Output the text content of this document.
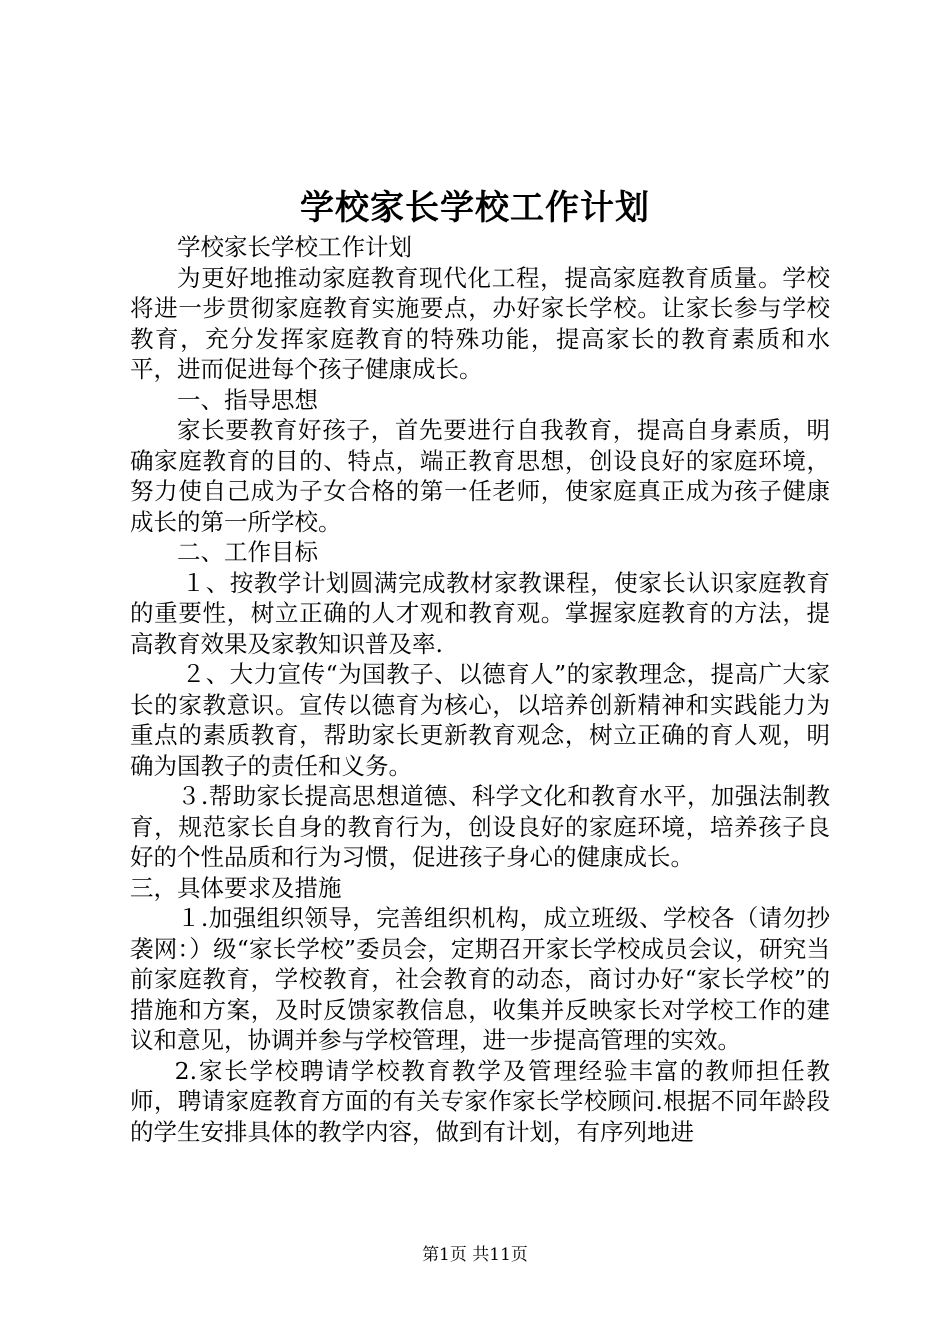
学校家长学校工作计划

学校家长学校工作计划

为更好地推动家庭教育现代化工程，提高家庭教育质量。学校将进一步贯彻家庭教育实施要点，办好家长学校。让家长参与学校教育，充分发挥家庭教育的特殊功能，提高家长的教育素质和水平，进而促进每个孩子健康成长。

一、指导思想

家长要教育好孩子，首先要进行自我教育，提高自身素质，明确家庭教育的目的、特点，端正教育思想，创设良好的家庭环境，努力使自己成为子女合格的第一任老师，使家庭真正成为孩子健康成长的第一所学校。

二、工作目标

１、按教学计划圆满完成教材家教课程，使家长认识家庭教育的重要性，树立正确的人才观和教育观。掌握家庭教育的方法，提高教育效果及家教知识普及率.

２、大力宣传“为国教子、以德育人”的家教理念，提高广大家长的家教意识。宣传以德育为核心，以培养创新精神和实践能力为重点的素质教育，帮助家长更新教育观念，树立正确的育人观，明确为国教子的责任和义务。

３.帮助家长提高思想道德、科学文化和教育水平，加强法制教育，规范家长自身的教育行为，创设良好的家庭环境，培养孩子良好的个性品质和行为习惯，促进孩子身心的健康成长。

三，具体要求及措施

１.加强组织领导，完善组织机构，成立班级、学校各（请勿抄袭网：）级“家长学校”委员会，定期召开家长学校成员会议，研究当前家庭教育，学校教育，社会教育的动态，商讨办好“家长学校”的措施和方案，及时反馈家教信息，收集并反映家长对学校工作的建议和意见，协调并参与学校管理，进一步提高管理的实效。

2.家长学校聘请学校教育教学及管理经验丰富的教师担任教师，聘请家庭教育方面的有关专家作家长学校顾问.根据不同年龄段的学生安排具体的教学内容，做到有计划，有序列地进

第1页 共11页
